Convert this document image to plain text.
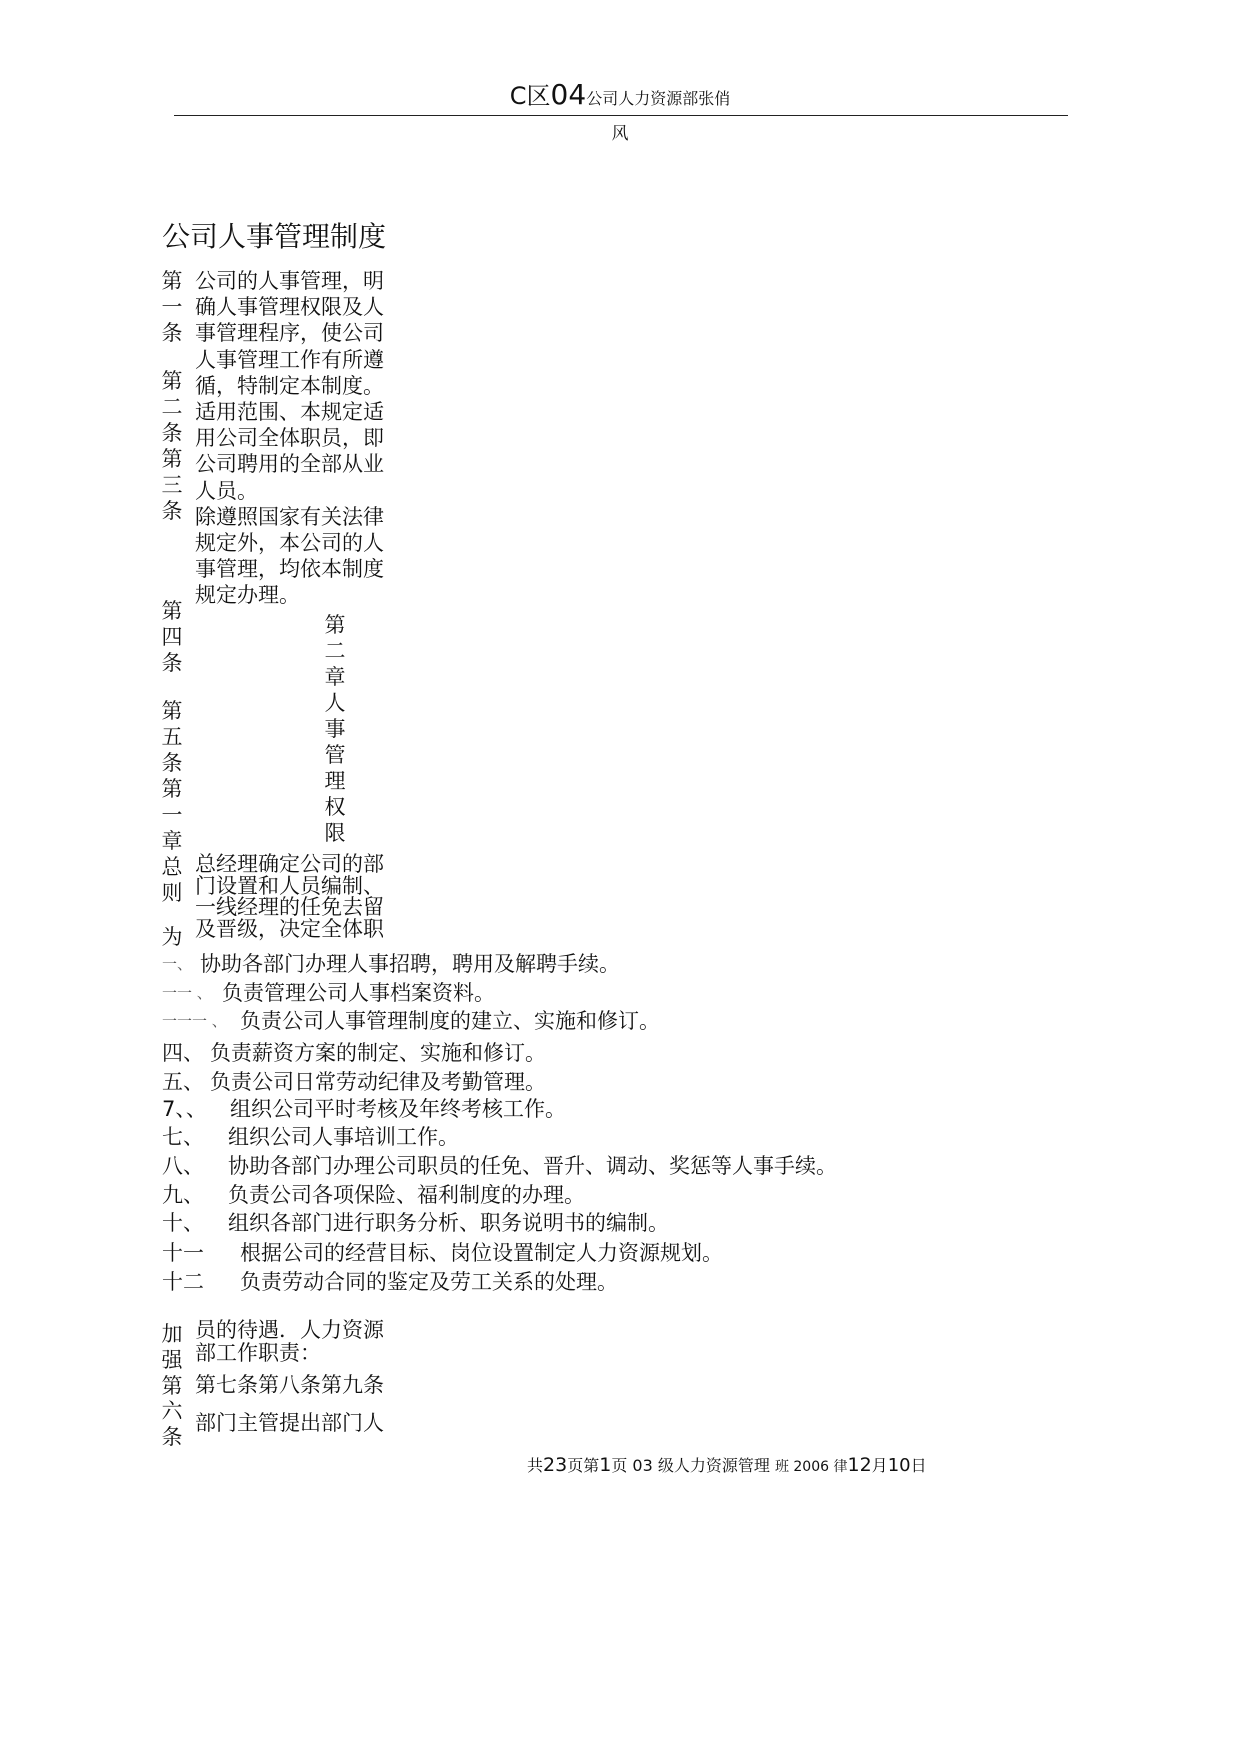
C区04公司人力资源部张俏
风
公司人事管理制度
第
一
条
第
二
条
第
三
条
第
四
条
第
五
条
第
一
章
总
则
为
公司的人事管理，明
确人事管理权限及人
事管理程序，使公司
人事管理工作有所遵
循，特制定本制度。
适用范围、本规定适
用公司全体职员，即
公司聘用的全部从业
人员。
除遵照国家有关法律
规定外，本公司的人
事管理，均依本制度
规定办理。
第
二
章
人
事
管
理
权
限
总经理确定公司的部
门设置和人员编制、
一线经理的任免去留
及晋级，决定全体职
一、 协助各部门办理人事招聘，聘用及解聘手续。
一一 、 负责管理公司人事档案资料。
一一一 、 负责公司人事管理制度的建立、实施和修订。
四、 负责薪资方案的制定、实施和修订。
五、 负责公司日常劳动纪律及考勤管理。
7、、 组织公司平时考核及年终考核工作。
七、 组织公司人事培训工作。
八、 协助各部门办理公司职员的任免、晋升、调动、奖惩等人事手续。
九、 负责公司各项保险、福利制度的办理。
十、 组织各部门进行职务分析、职务说明书的编制。
十一 根据公司的经营目标、岗位设置制定人力资源规划。
十二 负责劳动合同的鉴定及劳工关系的处理。
加
强
第
六
条
员的待遇．人力资源
部工作职责：
第七条第八条第九条
部门主管提出部门人
共23页第1页 03 级人力资源管理 班 2006 律12月10日
